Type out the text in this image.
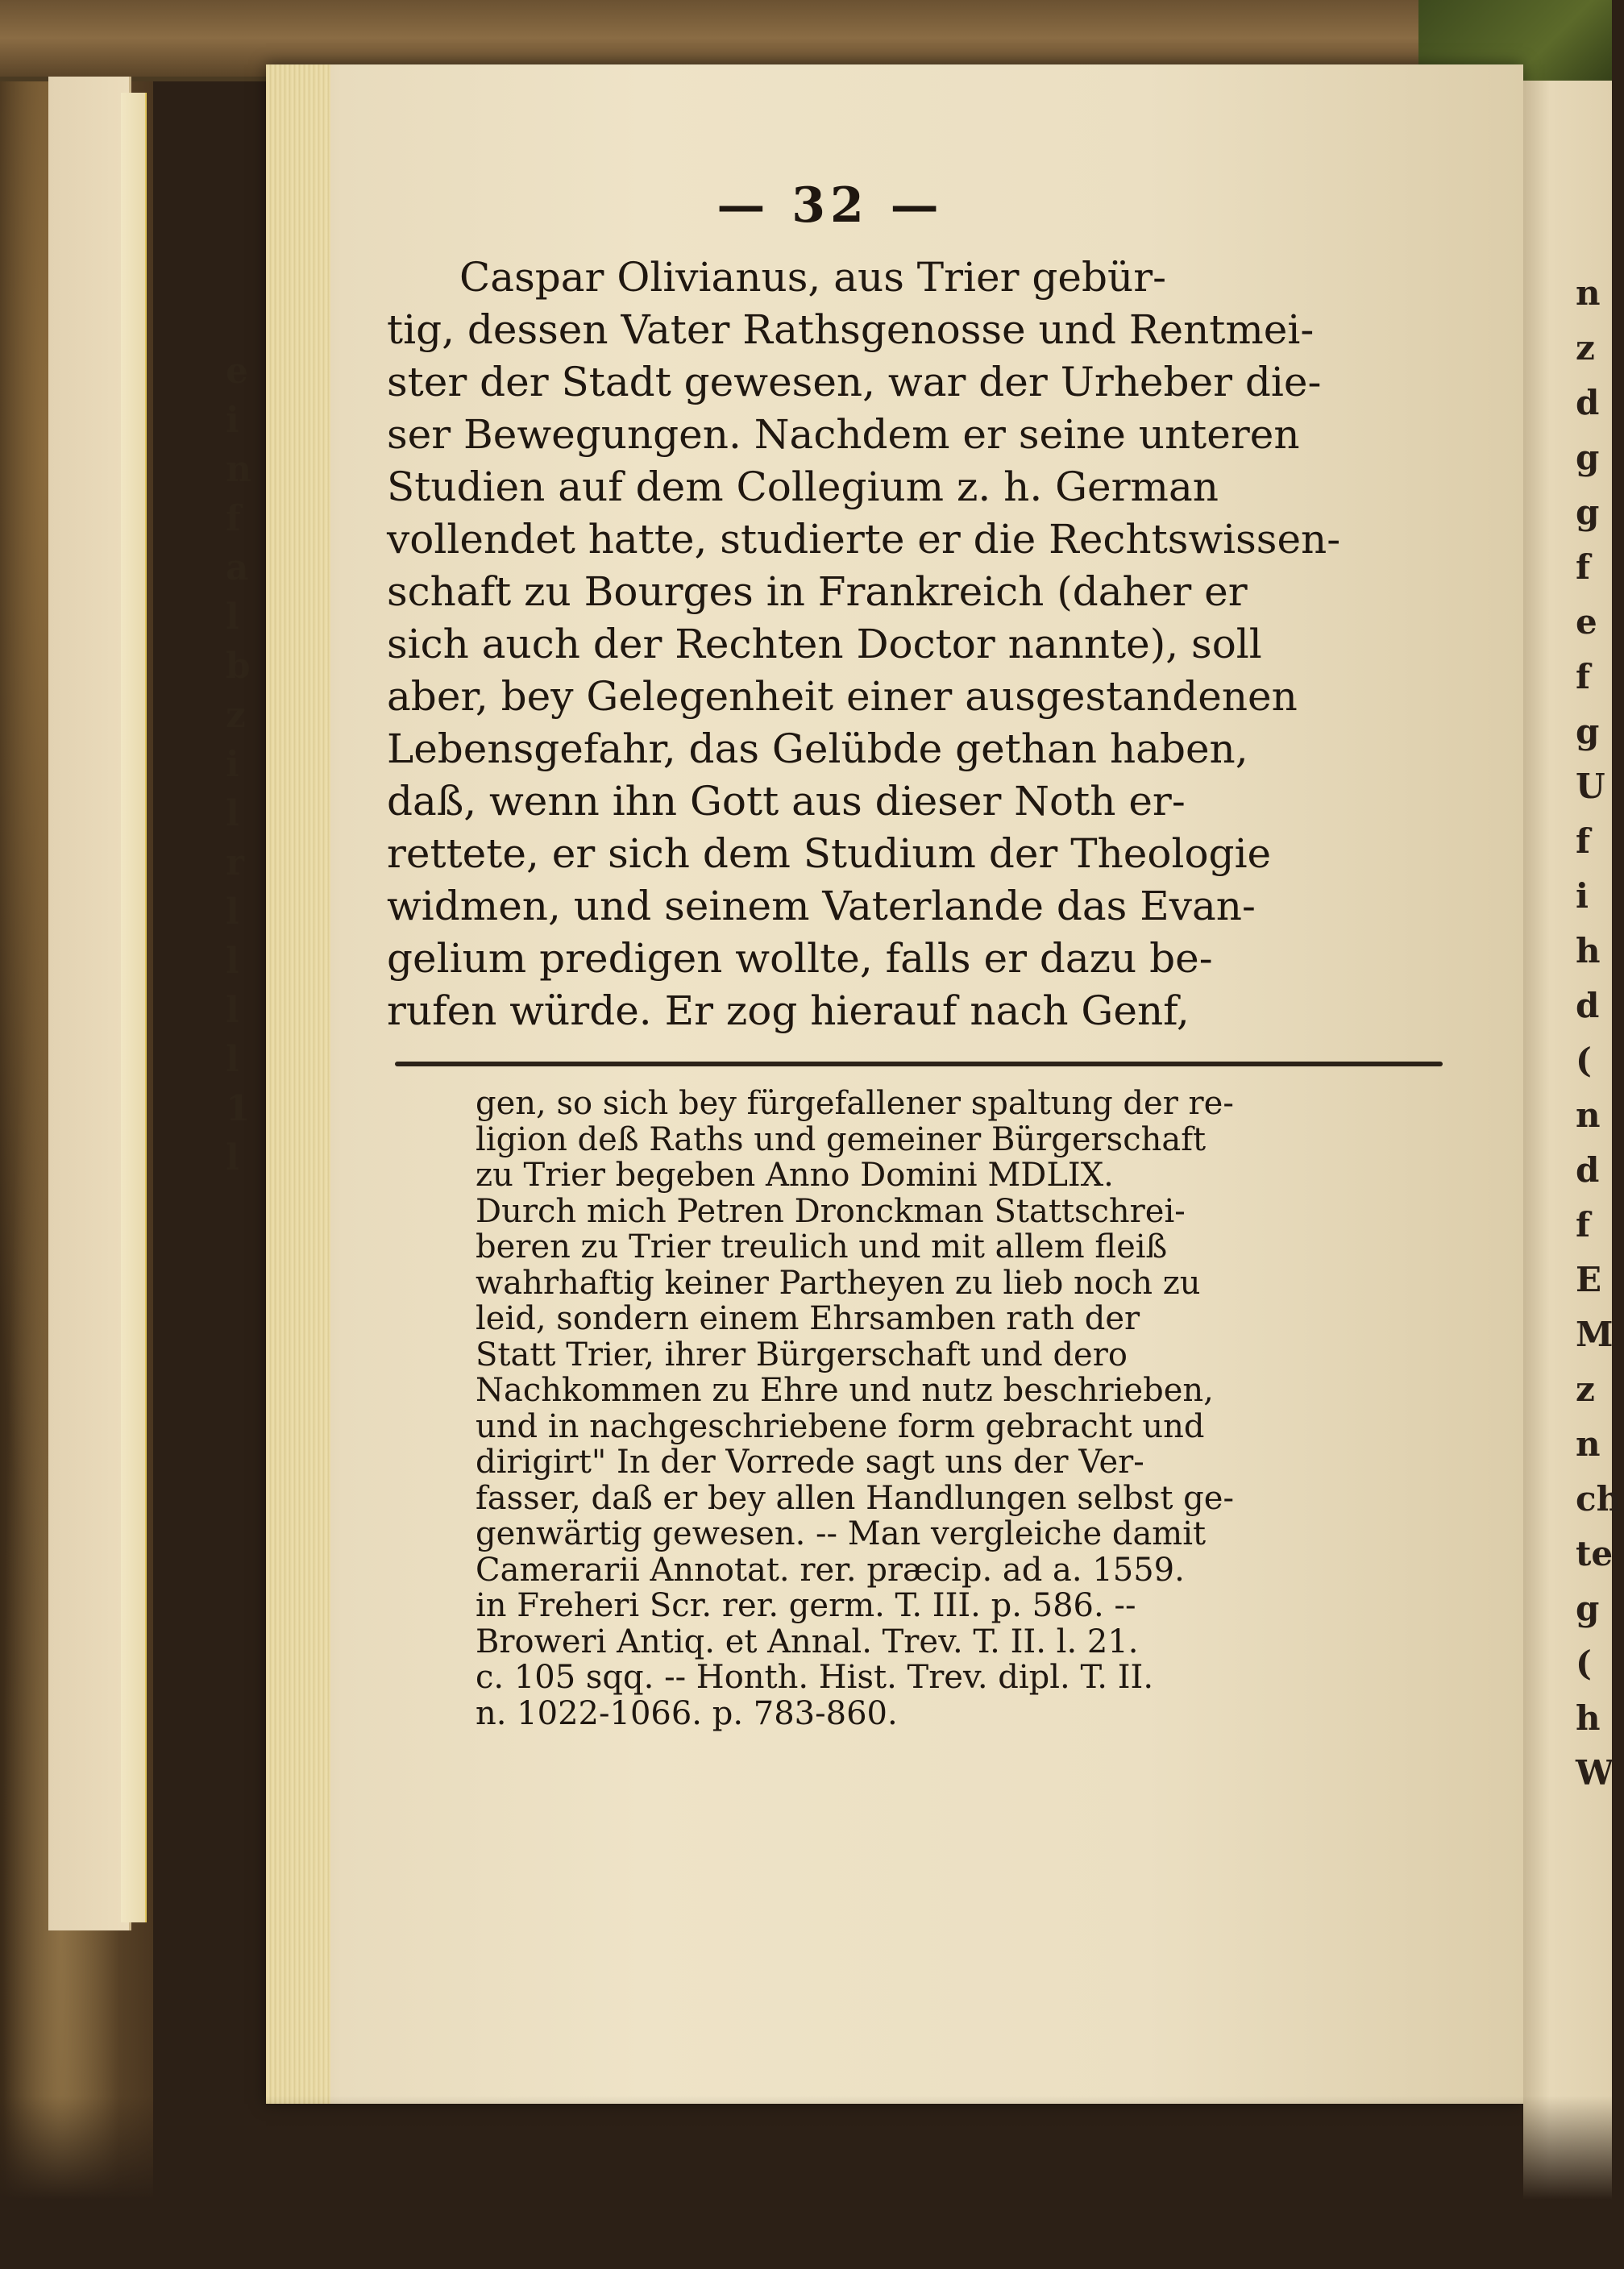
e
i
n
f
a
l
b
z
i
l
r
l
l
l
l
1
l
— 32 —

Caspar Olivianus, aus Trier gebür-

tig, dessen Vater Rathsgenosse und Rentmei-

ster der Stadt gewesen, war der Urheber die-

ser Bewegungen. Nachdem er seine unteren

Studien auf dem Collegium z. h. German

vollendet hatte, studierte er die Rechtswissen-

schaft zu Bourges in Frankreich (daher er

sich auch der Rechten Doctor nannte), soll

aber, bey Gelegenheit einer ausgestandenen

Lebensgefahr, das Gelübde gethan haben,

daß, wenn ihn Gott aus dieser Noth er-

rettete, er sich dem Studium der Theologie

widmen, und seinem Vaterlande das Evan-

gelium predigen wollte, falls er dazu be-

rufen würde. Er zog hierauf nach Genf,

gen, so sich bey fürgefallener spaltung der re-

ligion deß Raths und gemeiner Bürgerschaft

zu Trier begeben Anno Domini MDLIX.

Durch mich Petren Dronckman Stattschrei-

beren zu Trier treulich und mit allem fleiß

wahrhaftig keiner Partheyen zu lieb noch zu

leid, sondern einem Ehrsamben rath der

Statt Trier, ihrer Bürgerschaft und dero

Nachkommen zu Ehre und nutz beschrieben,

und in nachgeschriebene form gebracht und

dirigirt" In der Vorrede sagt uns der Ver-

fasser, daß er bey allen Handlungen selbst ge-

genwärtig gewesen. -- Man vergleiche damit

Camerarii Annotat. rer. præcip. ad a. 1559.

in Freheri Scr. rer. germ. T. III. p. 586. --

Broweri Antiq. et Annal. Trev. T. II. l. 21.

c. 105 sqq. -- Honth. Hist. Trev. dipl. T. II.

n. 1022-1066. p. 783-860.

n
z
d
g
g
f
e
f
g
U
f
i
h
d
(
n
d
f
E
M
z
n
ch
te
g
(
h
W
